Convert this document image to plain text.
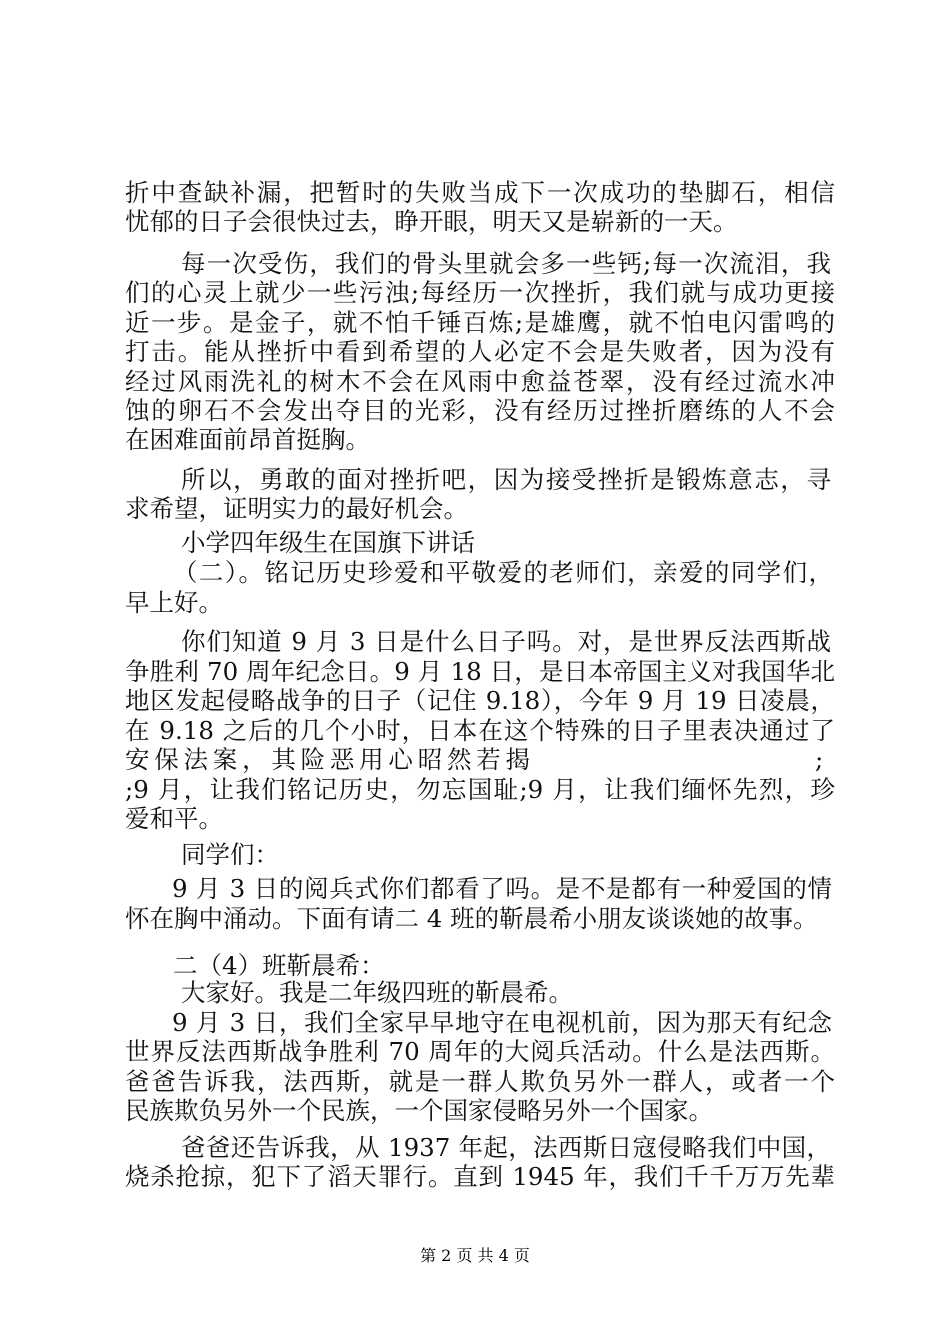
折中查缺补漏，把暂时的失败当成下一次成功的垫脚石，相信
忧郁的日子会很快过去，睁开眼，明天又是崭新的一天。
每一次受伤，我们的骨头里就会多一些钙;每一次流泪，我
们的心灵上就少一些污浊;每经历一次挫折，我们就与成功更接
近一步。是金子，就不怕千锤百炼;是雄鹰，就不怕电闪雷鸣的
打击。能从挫折中看到希望的人必定不会是失败者，因为没有
经过风雨洗礼的树木不会在风雨中愈益苍翠，没有经过流水冲
蚀的卵石不会发出夺目的光彩，没有经历过挫折磨练的人不会
在困难面前昂首挺胸。
所以，勇敢的面对挫折吧，因为接受挫折是锻炼意志，寻
求希望，证明实力的最好机会。
小学四年级生在国旗下讲话
（二）。铭记历史珍爱和平敬爱的老师们，亲爱的同学们，
早上好。
你们知道 9 月 3 日是什么日子吗。对，是世界反法西斯战
争胜利 70 周年纪念日。9 月 18 日，是日本帝国主义对我国华北
地区发起侵略战争的日子（记住 9.18），今年 9 月 19 日凌晨，
在 9.18 之后的几个小时，日本在这个特殊的日子里表决通过了
安保法案，其险恶用心昭然若揭	;
;9 月，让我们铭记历史，勿忘国耻;9 月，让我们缅怀先烈，珍
爱和平。
同学们：
9 月 3 日的阅兵式你们都看了吗。是不是都有一种爱国的情
怀在胸中涌动。下面有请二 4 班的靳晨希小朋友谈谈她的故事。
二（4）班靳晨希：
大家好。我是二年级四班的靳晨希。
9 月 3 日，我们全家早早地守在电视机前，因为那天有纪念
世界反法西斯战争胜利 70 周年的大阅兵活动。什么是法西斯。
爸爸告诉我，法西斯，就是一群人欺负另外一群人，或者一个
民族欺负另外一个民族，一个国家侵略另外一个国家。
爸爸还告诉我，从 1937 年起，法西斯日寇侵略我们中国，
烧杀抢掠，犯下了滔天罪行。直到 1945 年，我们千千万万先辈
第 2 页 共 4 页
